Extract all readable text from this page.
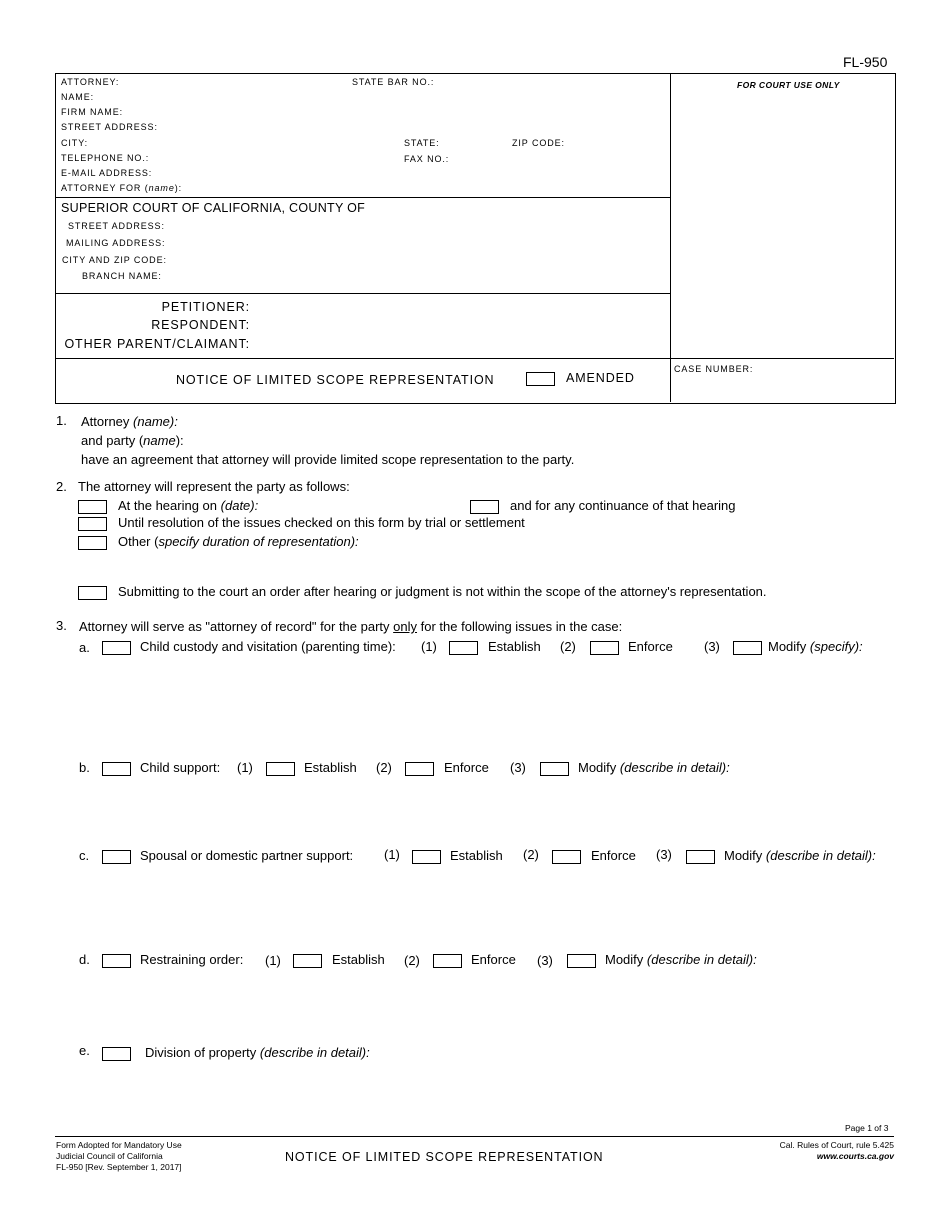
FL-950
ATTORNEY:	STATE BAR NO.:
NAME:
FIRM NAME:
STREET ADDRESS:
CITY:	STATE:	ZIP CODE:
TELEPHONE NO.:	FAX NO.:
E-MAIL ADDRESS:
ATTORNEY FOR (name):
FOR COURT USE ONLY
SUPERIOR COURT OF CALIFORNIA, COUNTY OF
STREET ADDRESS:
MAILING ADDRESS:
CITY AND ZIP CODE:
BRANCH NAME:
PETITIONER:
RESPONDENT:
OTHER PARENT/CLAIMANT:
NOTICE OF LIMITED SCOPE REPRESENTATION	AMENDED
CASE NUMBER:
1. Attorney (name):
and party (name):
have an agreement that attorney will provide limited scope representation to the party.
2. The attorney will represent the party as follows:
At the hearing on (date):	and for any continuance of that hearing
Until resolution of the issues checked on this form by trial or settlement
Other (specify duration of representation):
Submitting to the court an order after hearing or judgment is not within the scope of the attorney's representation.
3. Attorney will serve as "attorney of record" for the party only for the following issues in the case:
a.	Child custody and visitation (parenting time): (1)	Establish (2)	Enforce (3)	Modify (specify):
b.	Child support: (1)	Establish (2)	Enforce (3)	Modify (describe in detail):
c.	Spousal or domestic partner support: (1)	Establish (2)	Enforce (3)	Modify (describe in detail):
d.	Restraining order: (1)	Establish (2)	Enforce (3)	Modify (describe in detail):
e.	Division of property (describe in detail):
Page 1 of 3
Form Adopted for Mandatory Use
Judicial Council of California
FL-950 [Rev. September 1, 2017]
NOTICE OF LIMITED SCOPE REPRESENTATION
Cal. Rules of Court, rule 5.425
www.courts.ca.gov
